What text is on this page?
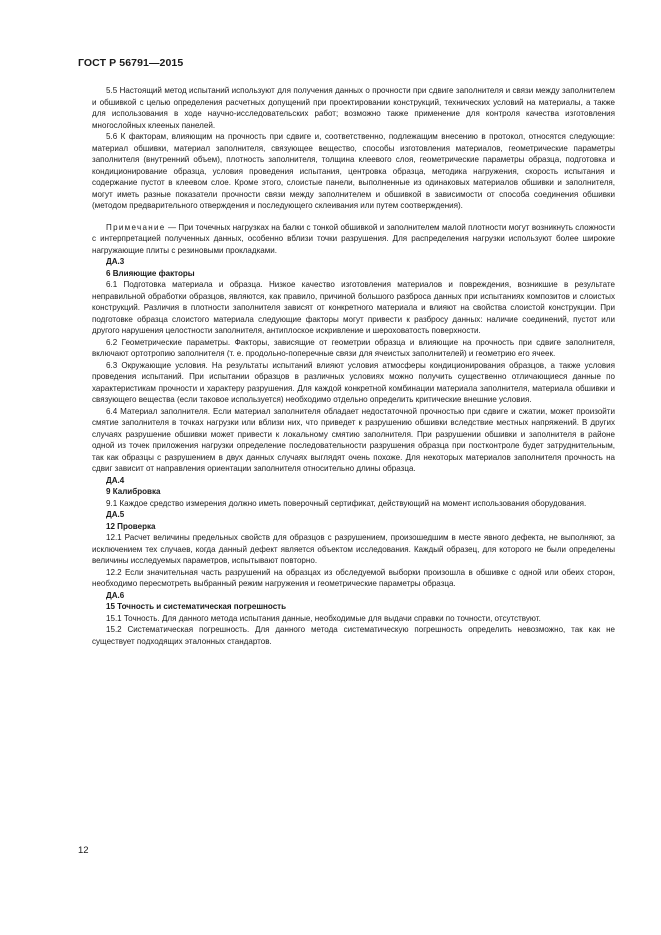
ГОСТ Р 56791—2015

5.5 Настоящий метод испытаний используют для получения данных о прочности при сдвиге заполнителя и связи между заполнителем и обшивкой с целью определения расчетных допущений при проектировании конструкций, технических условий на материалы, а также для использования в ходе научно-исследовательских работ; возможно также применение для контроля качества изготовления многослойных клееных панелей.

5.6 К факторам, влияющим на прочность при сдвиге и, соответственно, подлежащим внесению в протокол, относятся следующие: материал обшивки, материал заполнителя, связующее вещество, способы изготовления материалов, геометрические параметры заполнителя (внутренний объем), плотность заполнителя, толщина клеевого слоя, геометрические параметры образца, подготовка и кондиционирование образца, условия проведения испытания, центровка образца, методика нагружения, скорость испытания и содержание пустот в клеевом слое. Кроме этого, слоистые панели, выполненные из одинаковых материалов обшивки и заполнителя, могут иметь разные показатели прочности связи между заполнителем и обшивкой в зависимости от способа соединения обшивки (методом предварительного отверждения и последующего склеивания или путем соотверждения).

Примечание — При точечных нагрузках на балки с тонкой обшивкой и заполнителем малой плотности могут возникнуть сложности с интерпретацией полученных данных, особенно вблизи точки разрушения. Для распределения нагрузки используют более широкие нагружающие плиты с резиновыми прокладками.

ДА.3

6 Влияющие факторы

6.1 Подготовка материала и образца. Низкое качество изготовления материалов и повреждения, возникшие в результате неправильной обработки образцов, являются, как правило, причиной большого разброса данных при испытаниях композитов и слоистых конструкций. Различия в плотности заполнителя зависят от конкретного материала и влияют на свойства слоистой конструкции. При подготовке образца слоистого материала следующие факторы могут привести к разбросу данных: наличие соединений, пустот или другого нарушения целостности заполнителя, антиплоское искривление и шероховатость поверхности.

6.2 Геометрические параметры. Факторы, зависящие от геометрии образца и влияющие на прочность при сдвиге заполнителя, включают ортотропию заполнителя (т. е. продольно-поперечные связи для ячеистых заполнителей) и геометрию его ячеек.

6.3 Окружающие условия. На результаты испытаний влияют условия атмосферы кондиционирования образцов, а также условия проведения испытаний. При испытании образцов в различных условиях можно получить существенно отличающиеся данные по характеристикам прочности и характеру разрушения. Для каждой конкретной комбинации материала заполнителя, материала обшивки и связующего вещества (если таковое используется) необходимо отдельно определить критические внешние условия.

6.4 Материал заполнителя. Если материал заполнителя обладает недостаточной прочностью при сдвиге и сжатии, может произойти смятие заполнителя в точках нагрузки или вблизи них, что приведет к разрушению обшивки вследствие местных напряжений. В других случаях разрушение обшивки может привести к локальному смятию заполнителя. При разрушении обшивки и заполнителя в районе одной из точек приложения нагрузки определение последовательности разрушения образца при постконтроле будет затруднительным, так как образцы с разрушением в двух данных случаях выглядят очень похоже. Для некоторых материалов заполнителя прочность на сдвиг зависит от направления ориентации заполнителя относительно длины образца.

ДА.4

9 Калибровка

9.1 Каждое средство измерения должно иметь поверочный сертификат, действующий на момент использования оборудования.

ДА.5

12 Проверка

12.1 Расчет величины предельных свойств для образцов с разрушением, произошедшим в месте явного дефекта, не выполняют, за исключением тех случаев, когда данный дефект является объектом исследования. Каждый образец, для которого не были определены величины исследуемых параметров, испытывают повторно.

12.2 Если значительная часть разрушений на образцах из обследуемой выборки произошла в обшивке с одной или обеих сторон, необходимо пересмотреть выбранный режим нагружения и геометрические параметры образца.

ДА.6

15 Точность и систематическая погрешность

15.1 Точность. Для данного метода испытания данные, необходимые для выдачи справки по точности, отсутствуют.

15.2 Систематическая погрешность. Для данного метода систематическую погрешность определить невозможно, так как не существует подходящих эталонных стандартов.

12
